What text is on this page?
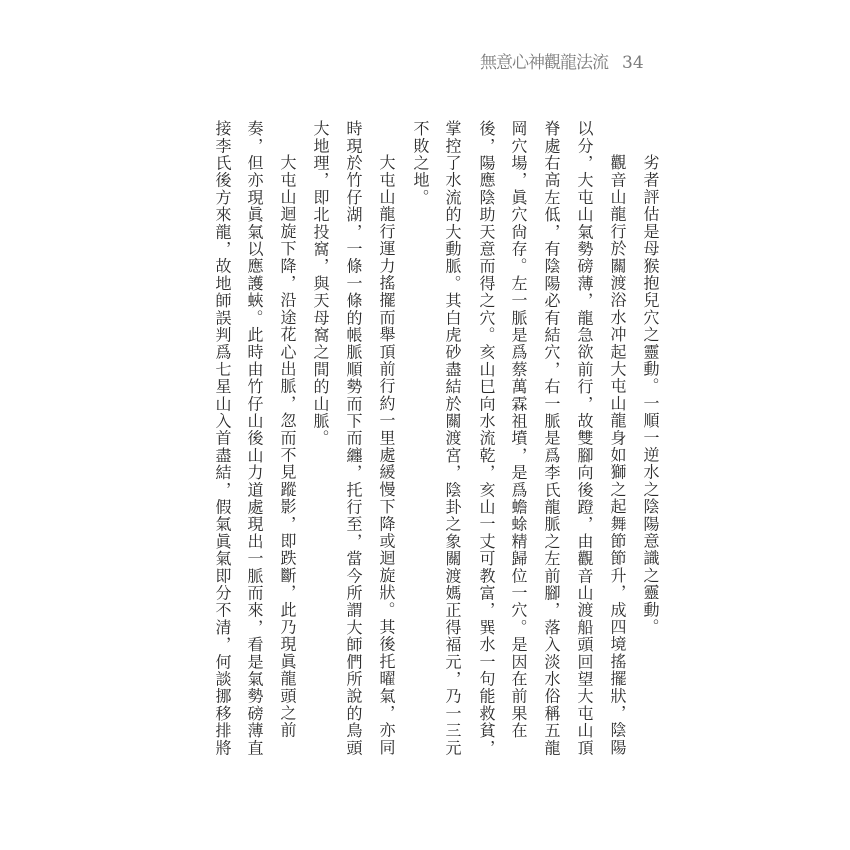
無意心神觀龍法流 34
劣者評估是母猴抱兒穴之靈動。一順一逆水之陰陽意識之靈動。
觀音山龍行於關渡浴水冲起大屯山龍身如獅之起舞節節升，成四境搖擺狀，陰陽
以分，大屯山氣勢磅薄，龍急欲前行，故雙腳向後蹬，由觀音山渡船頭回望大屯山頂
脊處右高左低，有陰陽必有結穴，右一脈是爲李氏龍脈之左前腳，落入淡水俗稱五龍
岡穴場，眞穴尙存。左一脈是爲蔡萬霖祖墳，是爲蟾蜍精歸位一穴。是因在前果在
後，陽應陰助天意而得之穴。亥山巳向水流乾，亥山一丈可教富，巽水一句能救貧，
掌控了水流的大動脈。其白虎砂盡結於關渡宮，陰卦之象關渡媽正得福元，乃一三元
不敗之地。
大屯山龍行運力搖擺而舉頂前行約一里處緩慢下降或迴旋狀。其後托曜氣，亦同
時現於竹仔湖，一條一條的帳脈順勢而下而纏，托行至，當今所謂大師們所說的鳥頭
大地理，即北投窩，與天母窩之間的山脈。
大屯山迴旋下降，沿途花心出脈，忽而不見蹤影，即跌斷，此乃現眞龍頭之前
奏，但亦現眞氣以應護蛺。此時由竹仔山後山力道處現出一脈而來，看是氣勢磅薄直
接李氏後方來龍，故地師誤判爲七星山入首盡結，假氣眞氣即分不清，何談挪移排將
